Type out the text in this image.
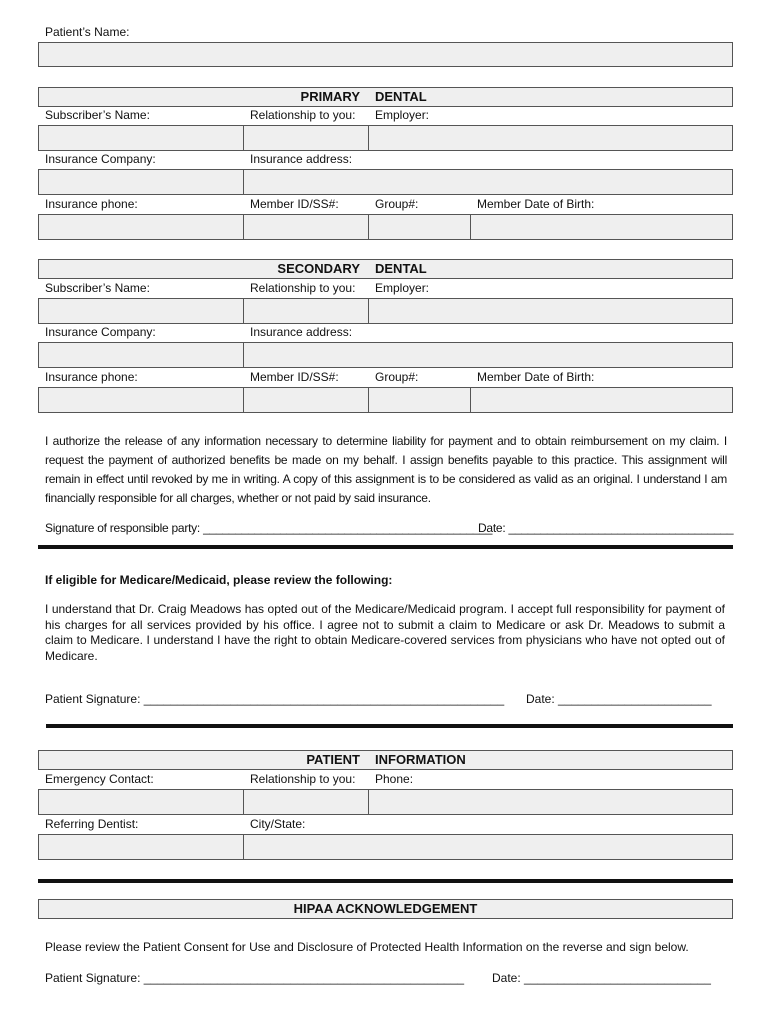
Patient’s Name:
PRIMARY DENTAL
Subscriber’s Name:	Relationship to you: Employer:
Insurance Company:	Insurance address:
Insurance phone:	Member ID/SS#:	Group#:	Member Date of Birth:
SECONDARY DENTAL
Subscriber’s Name:	Relationship to you: Employer:
Insurance Company:	Insurance address:
Insurance phone:	Member ID/SS#:	Group#:	Member Date of Birth:
I authorize the release of any information necessary to determine liability for payment and to obtain reimbursement on my claim. I request the payment of authorized benefits be made on my behalf. I assign benefits payable to this practice. This assignment will remain in effect until revoked by me in writing. A copy of this assignment is to be considered as valid as an original. I understand I am financially responsible for all charges, whether or not paid by said insurance.
Signature of responsible party: _____________________________________________
Date: ___________________________________
If eligible for Medicare/Medicaid, please review the following:
I understand that Dr. Craig Meadows has opted out of the Medicare/Medicaid program. I accept full responsibility for payment of his charges for all services provided by his office. I agree not to submit a claim to Medicare or ask Dr. Meadows to submit a claim to Medicare. I understand I have the right to obtain Medicare-covered services from physicians who have not opted out of Medicare.
Patient Signature: ______________________________________________________ Date: _______________________
PATIENT INFORMATION
Emergency Contact:	Relationship to you: Phone:
Referring Dentist:	City/State:
HIPAA ACKNOWLEDGEMENT
Please review the Patient Consent for Use and Disclosure of Protected Health Information on the reverse and sign below.
Patient Signature: ________________________________________________ Date: ____________________________
